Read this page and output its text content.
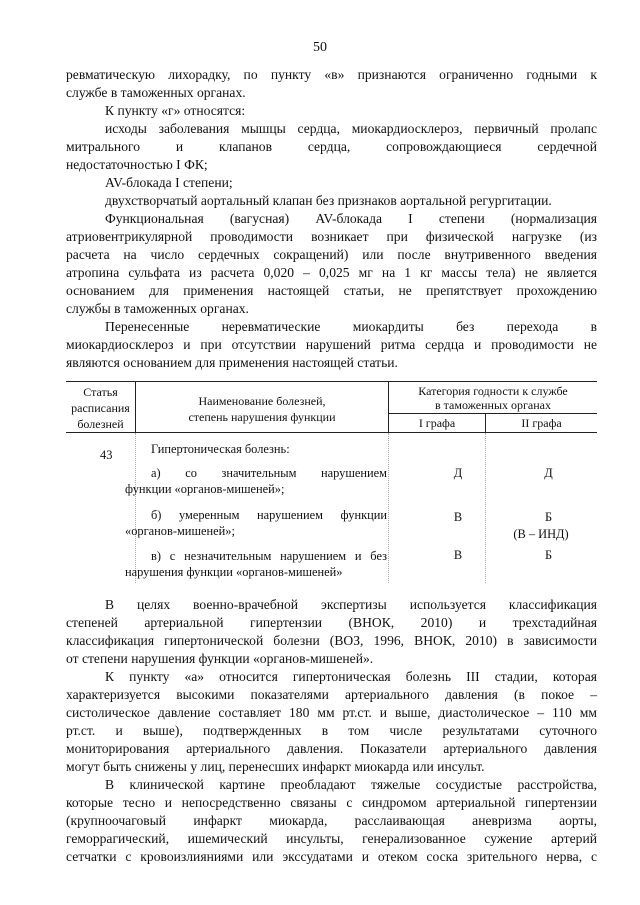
50
ревматическую лихорадку, по пункту «в» признаются ограниченно годными к
службе в таможенных органах.
К пункту «г» относятся:
исходы заболевания мышцы сердца, миокардиосклероз, первичный пролапс
митрального и клапанов сердца, сопровождающиеся сердечной
недостаточностью I ФК;
AV-блокада I степени;
двухстворчатый аортальный клапан без признаков аортальной регургитации.
Функциональная (вагусная) AV-блокада I степени (нормализация
атриовентрикулярной проводимости возникает при физической нагрузке (из
расчета на число сердечных сокращений) или после внутривенного введения
атропина сульфата из расчета 0,020 – 0,025 мг на 1 кг массы тела) не является
основанием для применения настоящей статьи, не препятствует прохождению
службы в таможенных органах.
Перенесенные неревматические миокардиты без перехода в
миокардиосклероз и при отсутствии нарушений ритма сердца и проводимости не
являются основанием для применения настоящей статьи.
Статья
расписания
болезней
Наименование болезней,
степень нарушения функции
Категория годности к службе
в таможенных органах
I графа	II графа
43	Гипертоническая болезнь:
а) со значительным нарушением
функции «органов-мишеней»;
Д	Д
б) умеренным нарушением функции
«органов-мишеней»;
В	Б
(В – ИНД)
в) с незначительным нарушением и без
нарушения функции «органов-мишеней»
В	Б
В целях военно-врачебной экспертизы используется классификация
степеней артериальной гипертензии (ВНОК, 2010) и трехстадийная
классификация гипертонической болезни (ВОЗ, 1996, ВНОК, 2010) в зависимости
от степени нарушения функции «органов-мишеней».
К пункту «а» относится гипертоническая болезнь III стадии, которая
характеризуется высокими показателями артериального давления (в покое –
систолическое давление составляет 180 мм рт.ст. и выше, диастолическое – 110 мм
рт.ст. и выше), подтвержденных в том числе результатами суточного
мониторирования артериального давления. Показатели артериального давления
могут быть снижены у лиц, перенесших инфаркт миокарда или инсульт.
В клинической картине преобладают тяжелые сосудистые расстройства,
которые тесно и непосредственно связаны с синдромом артериальной гипертензии
(крупноочаговый инфаркт миокарда, расслаивающая аневризма аорты,
геморрагический, ишемический инсульты, генерализованное сужение артерий
сетчатки с кровоизлияниями или экссудатами и отеком соска зрительного нерва, с
